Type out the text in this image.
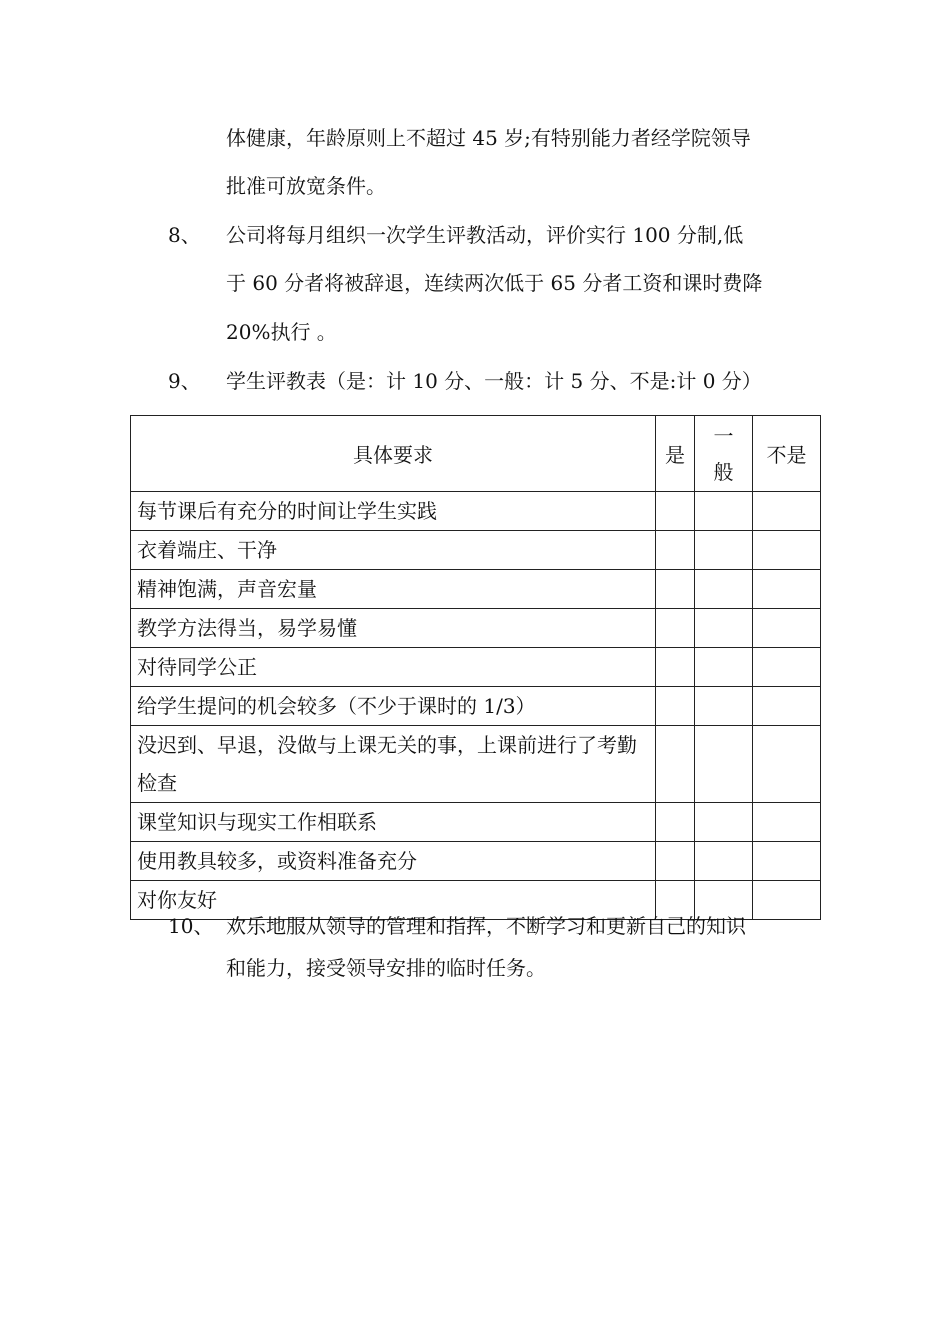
体健康，年龄原则上不超过 45 岁;有特别能力者经学院领导
批准可放宽条件。
8、 公司将每月组织一次学生评教活动，评价实行 100 分制,低
于 60 分者将被辞退，连续两次低于 65 分者工资和课时费降
20%执行 。
9、 学生评教表（是：计 10 分、一般：计 5 分、不是:计 0 分）
具体要求	是	一般	不是
每节课后有充分的时间让学生实践			
衣着端庄、干净			
精神饱满，声音宏量			
教学方法得当，易学易懂			
对待同学公正			
给学生提问的机会较多（不少于课时的 1/3）			
没迟到、早退，没做与上课无关的事，上课前进行了考勤检查			
课堂知识与现实工作相联系			
使用教具较多，或资料准备充分			
对你友好			
10、 欢乐地服从领导的管理和指挥，不断学习和更新自己的知识
和能力，接受领导安排的临时任务。
